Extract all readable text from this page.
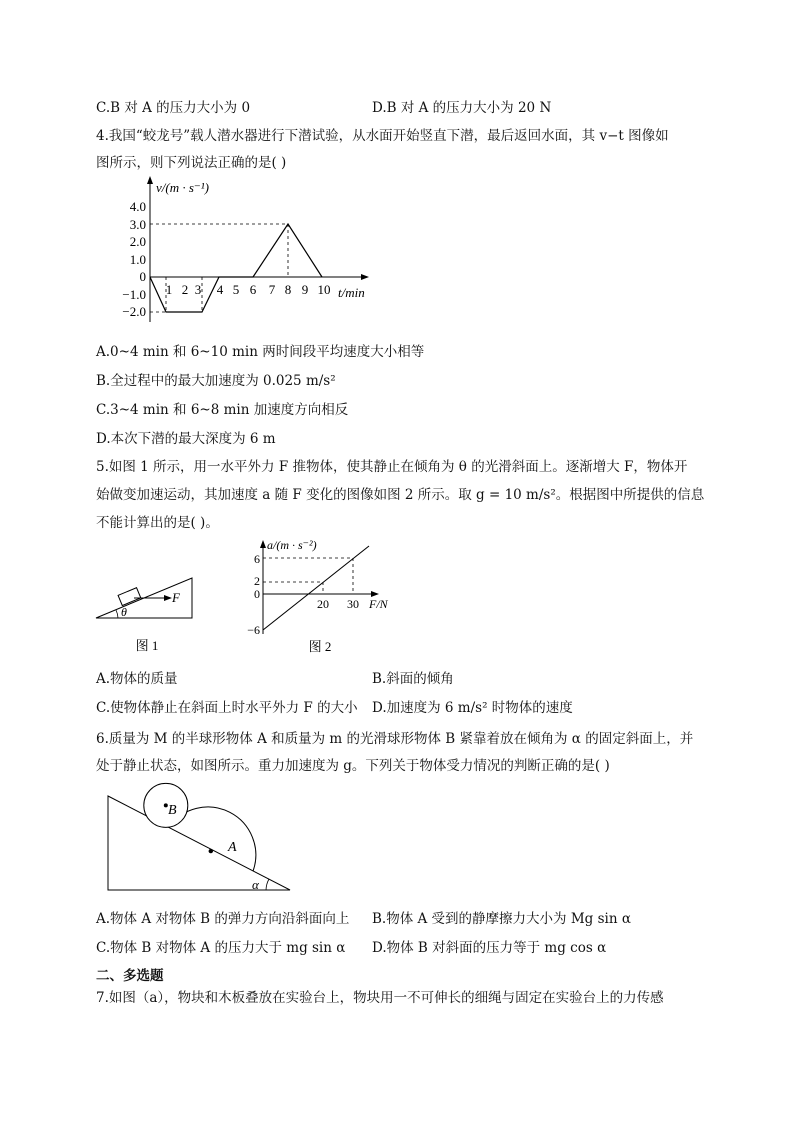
C.B 对 A 的压力大小为 0	D.B 对 A 的压力大小为 20 N
4.我国“蛟龙号”载人潜水器进行下潜试验，从水面开始竖直下潜，最后返回水面，其 v−t 图像如
图所示，则下列说法正确的是( )
v/(m · s⁻¹)
t/min
4.0
3.0
2.0
1.0
0
−1.0
−2.0
1 2 3 4 5 6 7 8 9 10
A.0~4 min 和 6~10 min 两时间段平均速度大小相等
B.全过程中的最大加速度为 0.025 m/s²
C.3~4 min 和 6~8 min 加速度方向相反
D.本次下潜的最大深度为 6 m
5.如图 1 所示，用一水平外力 F 推物体，使其静止在倾角为 θ 的光滑斜面上。逐渐增大 F，物体开
始做变加速运动，其加速度 a 随 F 变化的图像如图 2 所示。取 g = 10 m/s²。根据图中所提供的信息
不能计算出的是( )。
F
θ
图 1
a/(m · s⁻²)
F/N
6
2
0
−6
20 30
图 2
A.物体的质量	B.斜面的倾角
C.使物体静止在斜面上时水平外力 F 的大小 D.加速度为 6 m/s² 时物体的速度
6.质量为 M 的半球形物体 A 和质量为 m 的光滑球形物体 B 紧靠着放在倾角为 α 的固定斜面上，并
处于静止状态，如图所示。重力加速度为 g。下列关于物体受力情况的判断正确的是( )
A
B
α
A.物体 A 对物体 B 的弹力方向沿斜面向上 B.物体 A 受到的静摩擦力大小为 Mg sin α
C.物体 B 对物体 A 的压力大于 mg sin α D.物体 B 对斜面的压力等于 mg cos α
二、多选题
7.如图（a），物块和木板叠放在实验台上，物块用一不可伸长的细绳与固定在实验台上的力传感
